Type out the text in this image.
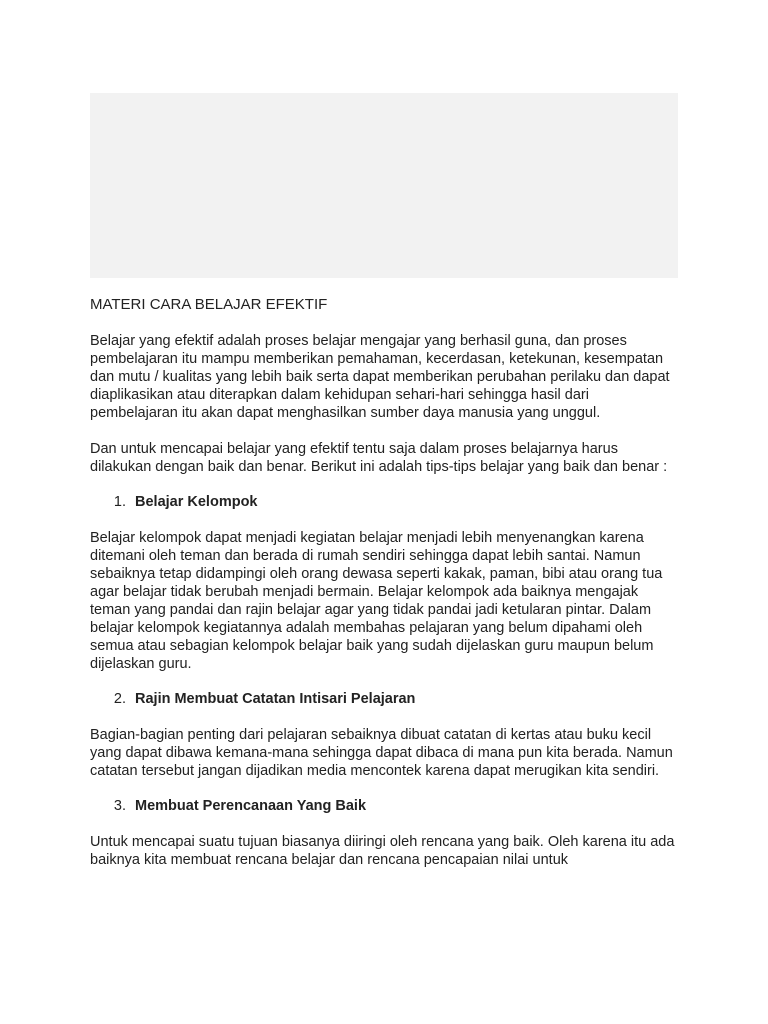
MATERI CARA BELAJAR EFEKTIF

Belajar yang efektif adalah proses belajar mengajar yang berhasil guna, dan proses pembelajaran itu mampu memberikan pemahaman, kecerdasan, ketekunan, kesempatan dan mutu / kualitas yang lebih baik serta dapat memberikan perubahan perilaku dan dapat diaplikasikan atau diterapkan dalam kehidupan sehari-hari sehingga hasil dari pembelajaran itu akan dapat menghasilkan sumber daya manusia yang unggul.

Dan untuk mencapai belajar yang efektif tentu saja dalam proses belajarnya harus dilakukan dengan baik dan benar. Berikut ini adalah tips-tips belajar yang baik dan benar :

1. Belajar Kelompok

Belajar kelompok dapat menjadi kegiatan belajar menjadi lebih menyenangkan karena ditemani oleh teman dan berada di rumah sendiri sehingga dapat lebih santai. Namun sebaiknya tetap didampingi oleh orang dewasa seperti kakak, paman, bibi atau orang tua agar belajar tidak berubah menjadi bermain. Belajar kelompok ada baiknya mengajak teman yang pandai dan rajin belajar agar yang tidak pandai jadi ketularan pintar. Dalam belajar kelompok kegiatannya adalah membahas pelajaran yang belum dipahami oleh semua atau sebagian kelompok belajar baik yang sudah dijelaskan guru maupun belum dijelaskan guru.

2. Rajin Membuat Catatan Intisari Pelajaran

Bagian-bagian penting dari pelajaran sebaiknya dibuat catatan di kertas atau buku kecil yang dapat dibawa kemana-mana sehingga dapat dibaca di mana pun kita berada. Namun catatan tersebut jangan dijadikan media mencontek karena dapat merugikan kita sendiri.

3. Membuat Perencanaan Yang Baik

Untuk mencapai suatu tujuan biasanya diiringi oleh rencana yang baik. Oleh karena itu ada baiknya kita membuat rencana belajar dan rencana pencapaian nilai untuk
